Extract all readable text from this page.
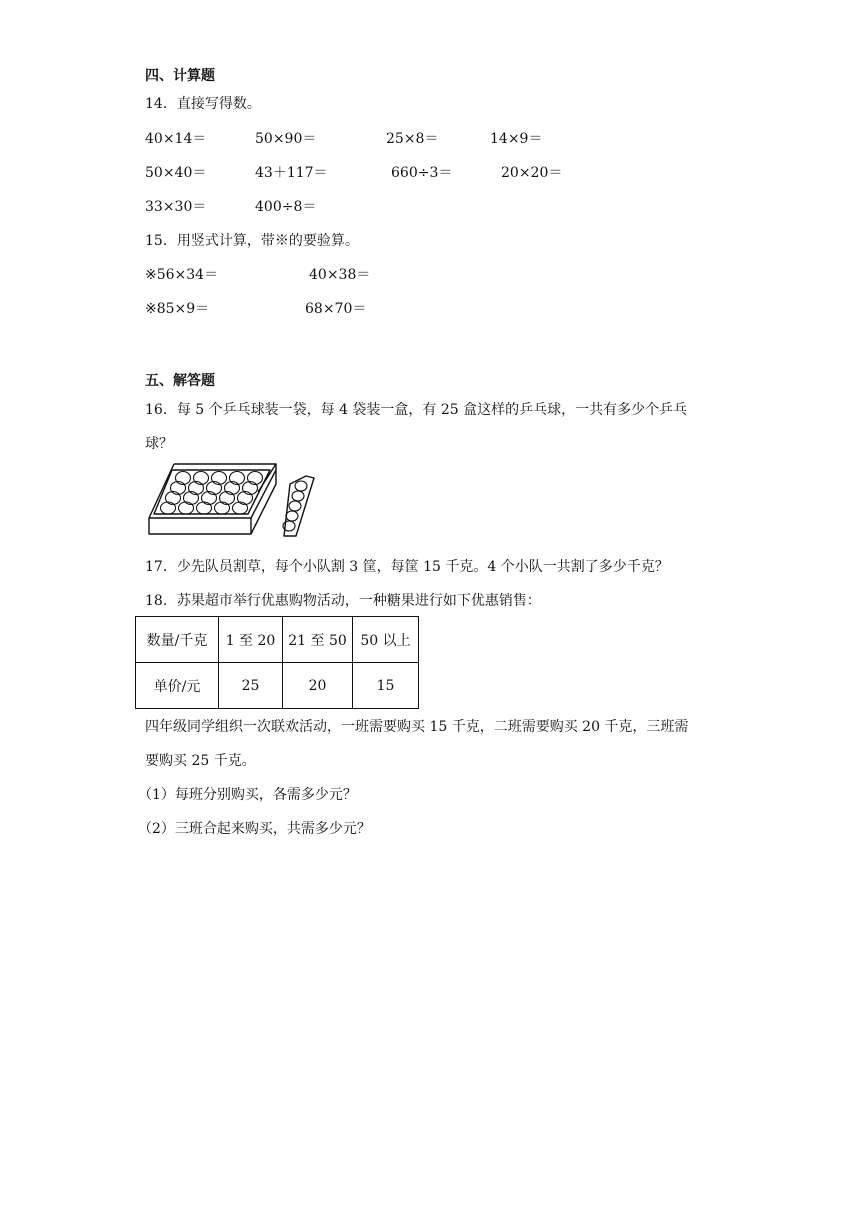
四、计算题
14．直接写得数。
40×14＝	50×90＝	25×8＝	14×9＝
50×40＝	43＋117＝	660÷3＝	20×20＝
33×30＝	400÷8＝
15．用竖式计算，带※的要验算。
※56×34＝	40×38＝
※85×9＝	68×70＝
五、解答题
16．每 5 个乒乓球装一袋，每 4 袋装一盒，有 25 盒这样的乒乓球，一共有多少个乒乓
球？
17．少先队员割草，每个小队割 3 筐，每筐 15 千克。4 个小队一共割了多少千克？
18．苏果超市举行优惠购物活动，一种糖果进行如下优惠销售：
数量/千克	1 至 20	21 至 50	50 以上
单价/元	25	20	15
四年级同学组织一次联欢活动，一班需要购买 15 千克，二班需要购买 20 千克，三班需
要购买 25 千克。
（1）每班分别购买，各需多少元？
（2）三班合起来购买，共需多少元？
